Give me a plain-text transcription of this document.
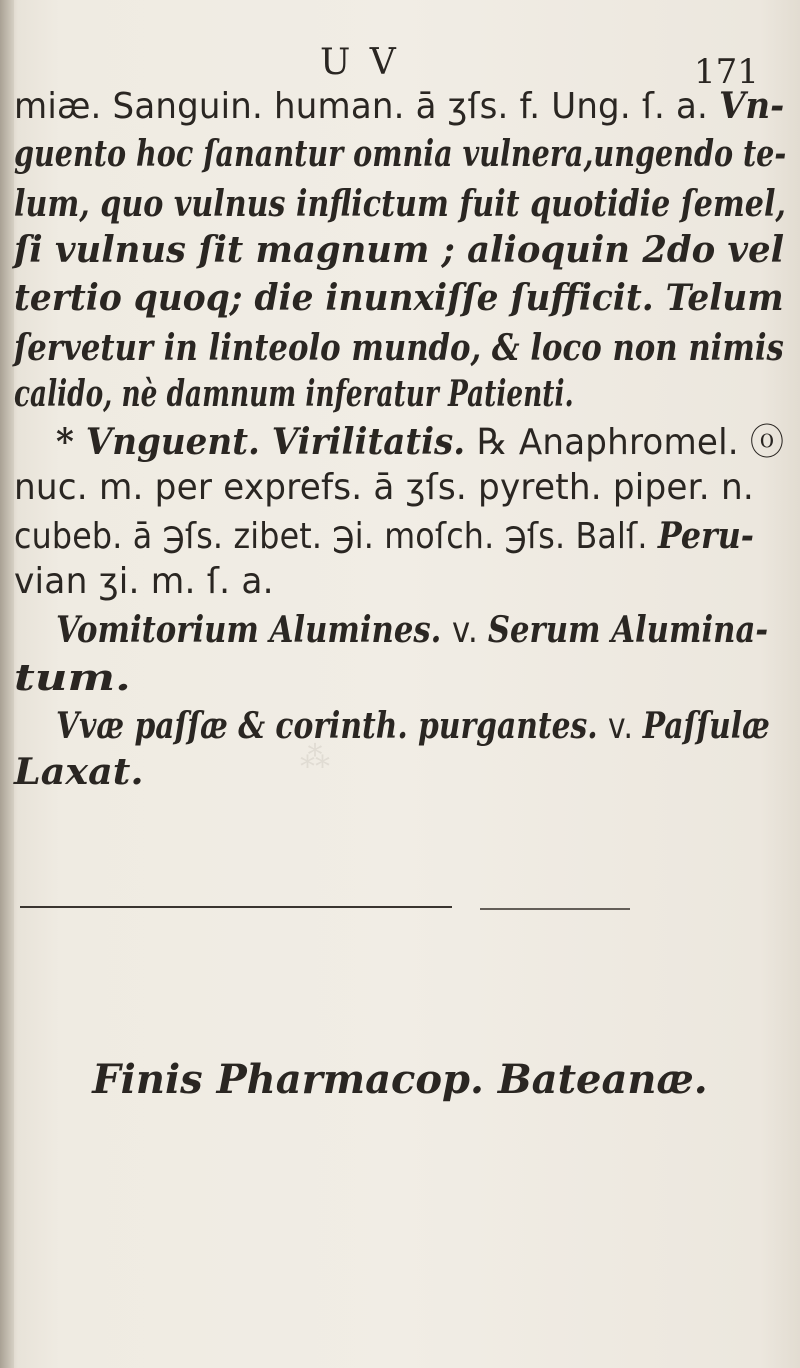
⁂
U V	171
miæ. Sanguin. human. ā ʒſs. f. Ung. ſ. a. Vn-
guento hoc ſanantur omnia vulnera,ungendo te-
lum, quo vulnus inflictum fuit quotidie ſemel,
ſi vulnus ſit magnum ; alioquin 2do vel
tertio quoq; die inunxiſſe ſufficit. Telum
ſervetur in linteolo mundo, & loco non nimis
calido, nè damnum inferatur Patienti.
* Vnguent. Virilitatis. ℞ Anaphromel. ⓞ
nuc. m. per exprefs. ā ʒſs. pyreth. piper. n.
cubeb. ā ℈ſs. zibet. ℈i. moſch. ℈ſs. Balſ. Peru-
vian ʒi. m. ſ. a.
Vomitorium Alumines. v. Serum Alumina-
tum.
Vvæ paſſæ & corinth. purgantes. v. Paſſulæ
Laxat.
Finis Pharmacop. Bateanæ.
